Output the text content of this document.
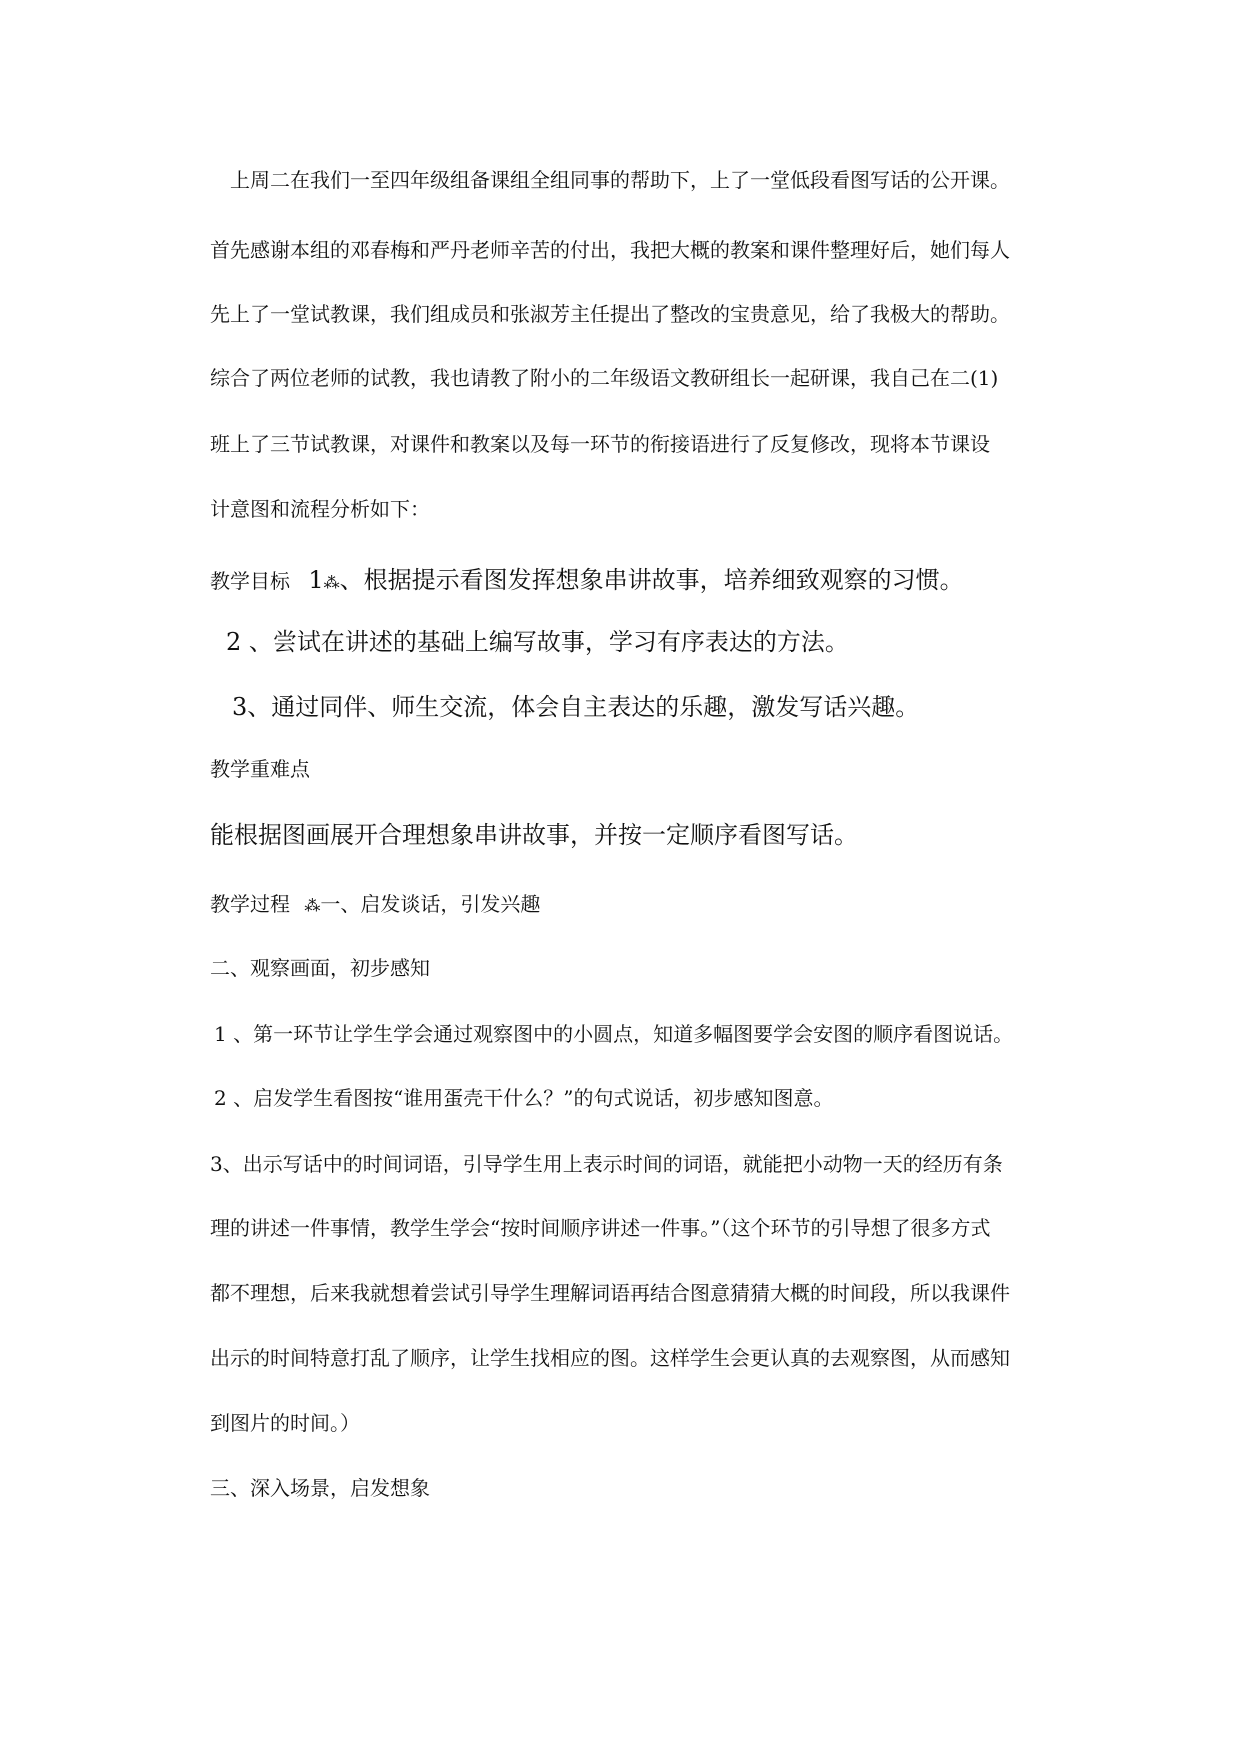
上周二在我们一至四年级组备课组全组同事的帮助下，上了一堂低段看图写话的公开课。
首先感谢本组的邓春梅和严丹老师辛苦的付出，我把大概的教案和课件整理好后，她们每人
先上了一堂试教课，我们组成员和张淑芳主任提出了整改的宝贵意见，给了我极大的帮助。
综合了两位老师的试教，我也请教了附小的二年级语文教研组长一起研课，我自己在二(1)
班上了三节试教课，对课件和教案以及每一环节的衔接语进行了反复修改，现将本节课设
计意图和流程分析如下：
教学目标 1⁂、根据提示看图发挥想象串讲故事，培养细致观察的习惯。
2 、尝试在讲述的基础上编写故事，学习有序表达的方法。
3、通过同伴、师生交流，体会自主表达的乐趣，激发写话兴趣。
教学重难点
能根据图画展开合理想象串讲故事，并按一定顺序看图写话。
教学过程 ⁂一、启发谈话，引发兴趣
二、观察画面，初步感知
1 、第一环节让学生学会通过观察图中的小圆点，知道多幅图要学会安图的顺序看图说话。
2 、启发学生看图按“谁用蛋壳干什么？”的句式说话，初步感知图意。
3、出示写话中的时间词语，引导学生用上表示时间的词语，就能把小动物一天的经历有条
理的讲述一件事情，教学生学会“按时间顺序讲述一件事。”（这个环节的引导想了很多方式
都不理想，后来我就想着尝试引导学生理解词语再结合图意猜猜大概的时间段，所以我课件
出示的时间特意打乱了顺序，让学生找相应的图。这样学生会更认真的去观察图，从而感知
到图片的时间。）
三、深入场景，启发想象
